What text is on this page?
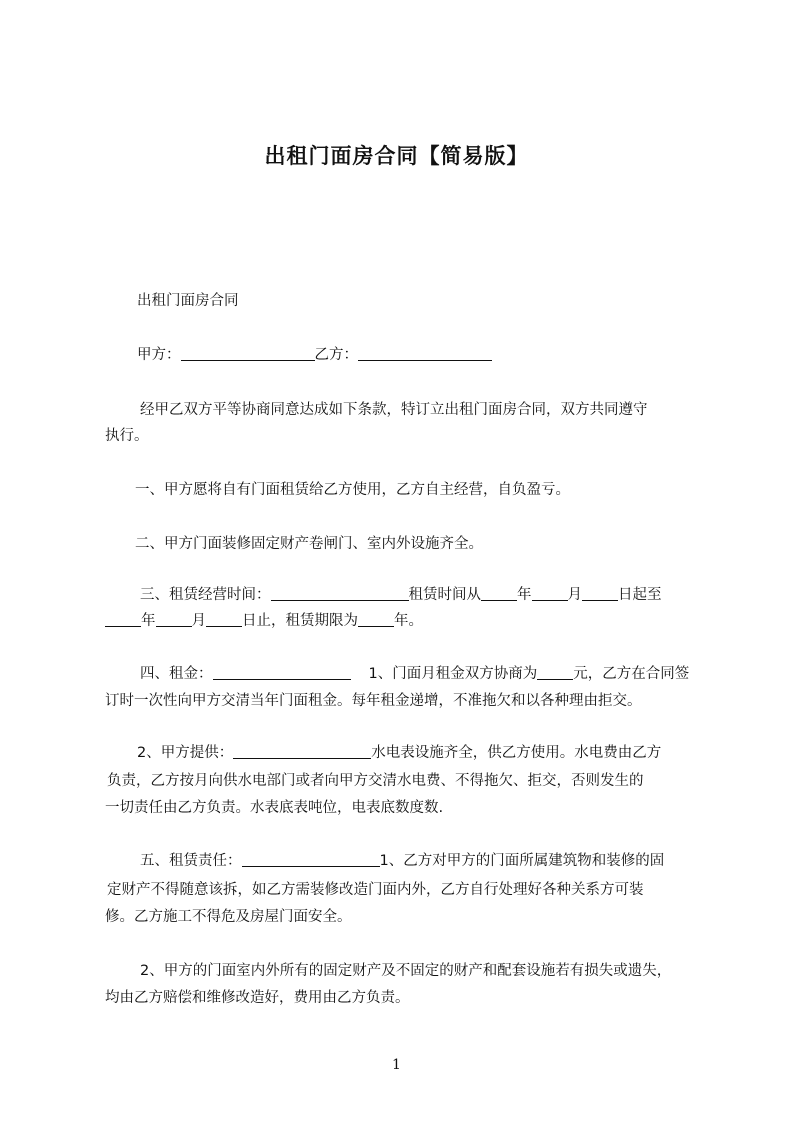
出租门面房合同【简易版】
出租门面房合同
甲方：	乙方：
经甲乙双方平等协商同意达成如下条款，特订立出租门面房合同，双方共同遵守
执行。
一、甲方愿将自有门面租赁给乙方使用，乙方自主经营，自负盈亏。
二、甲方门面装修固定财产卷闸门、室内外设施齐全。
三、租赁经营时间：	租赁时间从 年 月 日起至
年 月 日止，租赁期限为 年。
四、租金：	1、门面月租金双方协商为 元，乙方在合同签
订时一次性向甲方交清当年门面租金。每年租金递增，不准拖欠和以各种理由拒交。
2、甲方提供：	水电表设施齐全，供乙方使用。水电费由乙方
负责，乙方按月向供水电部门或者向甲方交清水电费、不得拖欠、拒交，否则发生的
一切责任由乙方负责。水表底表吨位，电表底数度数.
五、租赁责任：	1、乙方对甲方的门面所属建筑物和装修的固
定财产不得随意该拆，如乙方需装修改造门面内外，乙方自行处理好各种关系方可装
修。乙方施工不得危及房屋门面安全。
2、甲方的门面室内外所有的固定财产及不固定的财产和配套设施若有损失或遗失，
均由乙方赔偿和维修改造好，费用由乙方负责。
1
